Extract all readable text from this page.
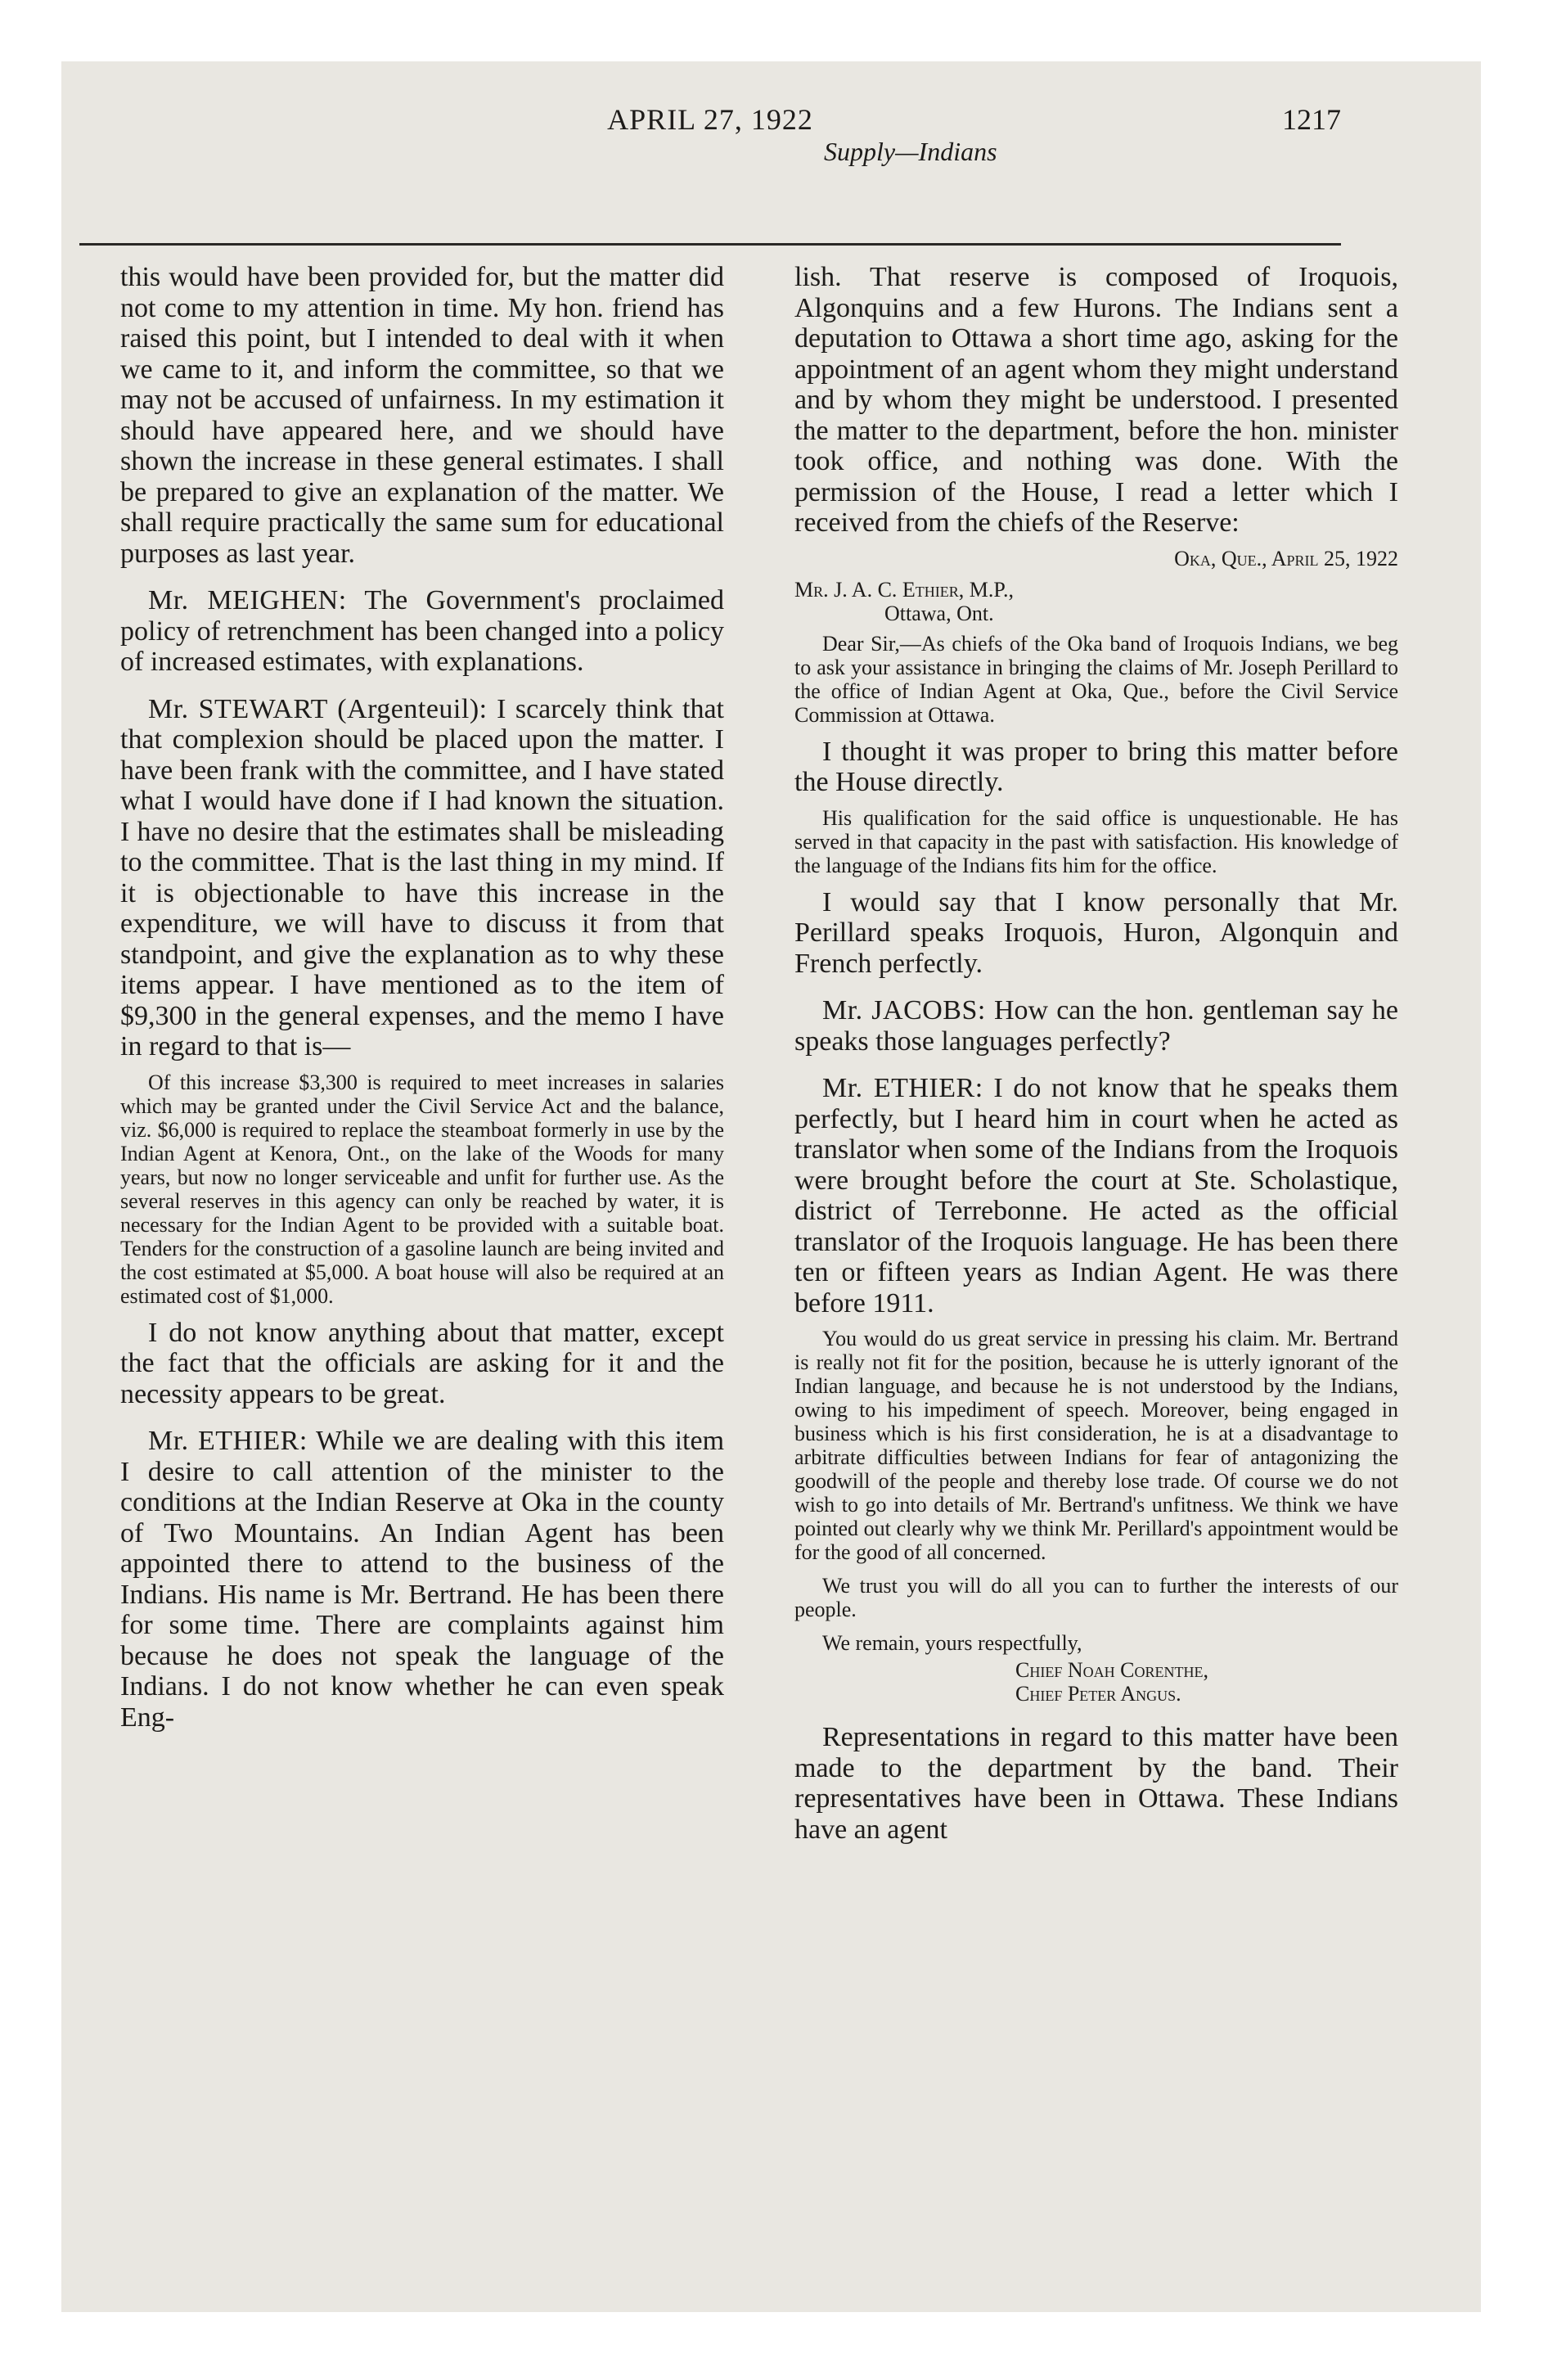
APRIL 27, 1922	1217
Supply—Indians

this would have been provided for, but the matter did not come to my attention in time. My hon. friend has raised this point, but I intended to deal with it when we came to it, and inform the committee, so that we may not be accused of unfairness. In my estimation it should have appeared here, and we should have shown the increase in these general estimates. I shall be prepared to give an explanation of the matter. We shall require practically the same sum for educational purposes as last year.

Mr. MEIGHEN: The Government's proclaimed policy of retrenchment has been changed into a policy of increased estimates, with explanations.

Mr. STEWART (Argenteuil): I scarcely think that that complexion should be placed upon the matter. I have been frank with the committee, and I have stated what I would have done if I had known the situation. I have no desire that the estimates shall be misleading to the committee. That is the last thing in my mind. If it is objectionable to have this increase in the expenditure, we will have to discuss it from that standpoint, and give the explanation as to why these items appear. I have mentioned as to the item of $9,300 in the general expenses, and the memo I have in regard to that is—

Of this increase $3,300 is required to meet increases in salaries which may be granted under the Civil Service Act and the balance, viz. $6,000 is required to replace the steamboat formerly in use by the Indian Agent at Kenora, Ont., on the lake of the Woods for many years, but now no longer serviceable and unfit for further use. As the several reserves in this agency can only be reached by water, it is necessary for the Indian Agent to be provided with a suitable boat. Tenders for the construction of a gasoline launch are being invited and the cost estimated at $5,000. A boat house will also be required at an estimated cost of $1,000.

I do not know anything about that matter, except the fact that the officials are asking for it and the necessity appears to be great.

Mr. ETHIER: While we are dealing with this item I desire to call attention of the minister to the conditions at the Indian Reserve at Oka in the county of Two Mountains. An Indian Agent has been appointed there to attend to the business of the Indians. His name is Mr. Bertrand. He has been there for some time. There are complaints against him because he does not speak the language of the Indians. I do not know whether he can even speak Eng-

lish. That reserve is composed of Iroquois, Algonquins and a few Hurons. The Indians sent a deputation to Ottawa a short time ago, asking for the appointment of an agent whom they might understand and by whom they might be understood. I presented the matter to the department, before the hon. minister took office, and nothing was done. With the permission of the House, I read a letter which I received from the chiefs of the Reserve:

Oka, Que., April 25, 1922

Mr. J. A. C. Ethier, M.P.,
Ottawa, Ont.

Dear Sir,—As chiefs of the Oka band of Iroquois Indians, we beg to ask your assistance in bringing the claims of Mr. Joseph Perillard to the office of Indian Agent at Oka, Que., before the Civil Service Commission at Ottawa.

I thought it was proper to bring this matter before the House directly.

His qualification for the said office is unquestionable. He has served in that capacity in the past with satisfaction. His knowledge of the language of the Indians fits him for the office.

I would say that I know personally that Mr. Perillard speaks Iroquois, Huron, Algonquin and French perfectly.

Mr. JACOBS: How can the hon. gentleman say he speaks those languages perfectly?

Mr. ETHIER: I do not know that he speaks them perfectly, but I heard him in court when he acted as translator when some of the Indians from the Iroquois were brought before the court at Ste. Scholastique, district of Terrebonne. He acted as the official translator of the Iroquois language. He has been there ten or fifteen years as Indian Agent. He was there before 1911.

You would do us great service in pressing his claim. Mr. Bertrand is really not fit for the position, because he is utterly ignorant of the Indian language, and because he is not understood by the Indians, owing to his impediment of speech. Moreover, being engaged in business which is his first consideration, he is at a disadvantage to arbitrate difficulties between Indians for fear of antagonizing the goodwill of the people and thereby lose trade. Of course we do not wish to go into details of Mr. Bertrand's unfitness. We think we have pointed out clearly why we think Mr. Perillard's appointment would be for the good of all concerned.

We trust you will do all you can to further the interests of our people.

We remain, yours respectfully,

Chief Noah Corenthe,
Chief Peter Angus.

Representations in regard to this matter have been made to the department by the band. Their representatives have been in Ottawa. These Indians have an agent
